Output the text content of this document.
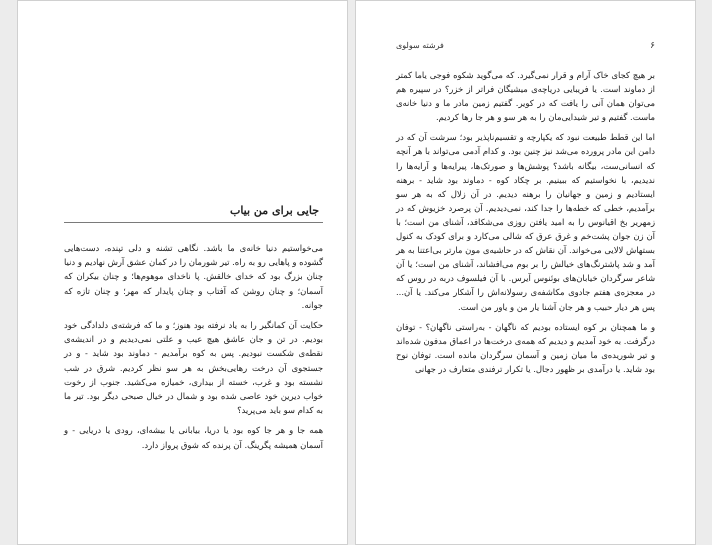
جایی برای من بیاب

می‌خواستیم دنیا خانه‌ی ما باشد. نگاهی تشنه و دلی تپنده، دست‌هایی گشوده و پاهایی رو به راه. تیر شورمان را در کمان عشق آرش نهادیم و دنیا چنان بزرگ بود که خدای خالقش. پا ناخدای موهوم‌ها؛ و چنان بیکران که آسمان؛ و چنان روشن که آفتاب و چنان پایدار که مهر؛ و چنان تازه که جوانه.

حکایت آن کمانگیر را به یاد نرفته بود هنوز؛ و ما که فرشته‌ی دلدادگی خود بودیم. در تن و جان عاشق هیچ عیب و علتی نمی‌دیدیم و در اندیشه‌ی نقطه‌ی شکست نبودیم. پس به کوه برآمدیم - دماوند بود شاید - و در جستجوی آن درخت رهایی‌بخش به هر سو نظر کردیم. شرق در شب نشسته بود و غرب، خسته از بیداری، خمیازه می‌کشید. جنوب از رخوت خواب دیرین خود عاصی شده بود و شمال در خیال صبحی دیگر بود. تیر ما به کدام سو باید می‌پرید؟

همه جا و هر جا کوه بود یا دریا، بیابانی یا بیشه‌ای، رودی یا دریایی - و آسمان همیشه پگرینگ. آن پرنده که شوق پرواز دارد.

۶
فرشته سولوی

بر هیچ کجای خاک آرام و قرار نمی‌گیرد. که می‌گوید شکوه فوجی یاما کمتر از دماوند است. یا فریبایی دریاچه‌ی میشیگان فراتر از خزر؟ در سپیره هم می‌توان همان آنی را یافت که در کویر. گفتیم زمین مادر ما و دنیا خانه‌ی ماست. گفتیم و تیر شیدایی‌مان را به هر سو و هر جا رها کردیم.

اما این قطط طبیعت نبود که یکپارچه و تقسیم‌ناپذیر بود؛ سرشت آن که در دامن این مادر پرورده می‌شد نیز چنین بود. و کدام آدمی می‌تواند با هر آنچه که انسانی‌ست، بیگانه باشد؟ پوشش‌ها و صورتک‌ها، پیرایه‌ها و آرایه‌ها را ندیدیم، با نخواستیم که ببینیم. بر چکاد کوه - دماوند بود شاید - برهنه ایستادیم و زمین و جهانیان را برهنه دیدیم. در آن زلال که به هر سو برآمدیم، خطی که خطه‌ها را جدا کند، نمی‌دیدیم. آن پرصرد خزیوش که در زمهریر بخ اقیانوس را به امید یافتن روزی می‌شکافد، آشنای من است؛ با آن زن جوان پشت‌خم و غرق عرق که شالی می‌کارد و برای کودک به کنول بستهاش لالایی می‌خواند. آن نقاش که در حاشیه‌ی مون مارتر بی‌اعتنا به هر آمد و شد پاشترنگ‌های خیالش را بر بوم می‌افشاند، آشنای من است؛ یا آن شاعر سرگردان خیابان‌های بوئنوس آیرس. با آن فیلسوف دربه در روس که در معجزه‌ی هفتم جادوی مکاشفه‌ی رسولانه‌اش را آشکار می‌کند. یا آن... پس هر دیار حبیب و هر جان آشنا یار من و یاور من است.

و ما همچنان بر کوه ایستاده بودیم که ناگهان - به‌راستی ناگهان؟ - توفان درگرفت. به خود آمدیم و دیدیم که همه‌ی درخت‌ها در اعماق مدفون شده‌اند و تیر شوریده‌ی ما میان زمین و آسمان سرگردان مانده است. توفان نوح بود شاید. یا درآمدی بر ظهور دجال. یا تکرار ترفندی متعارف در جهانی
